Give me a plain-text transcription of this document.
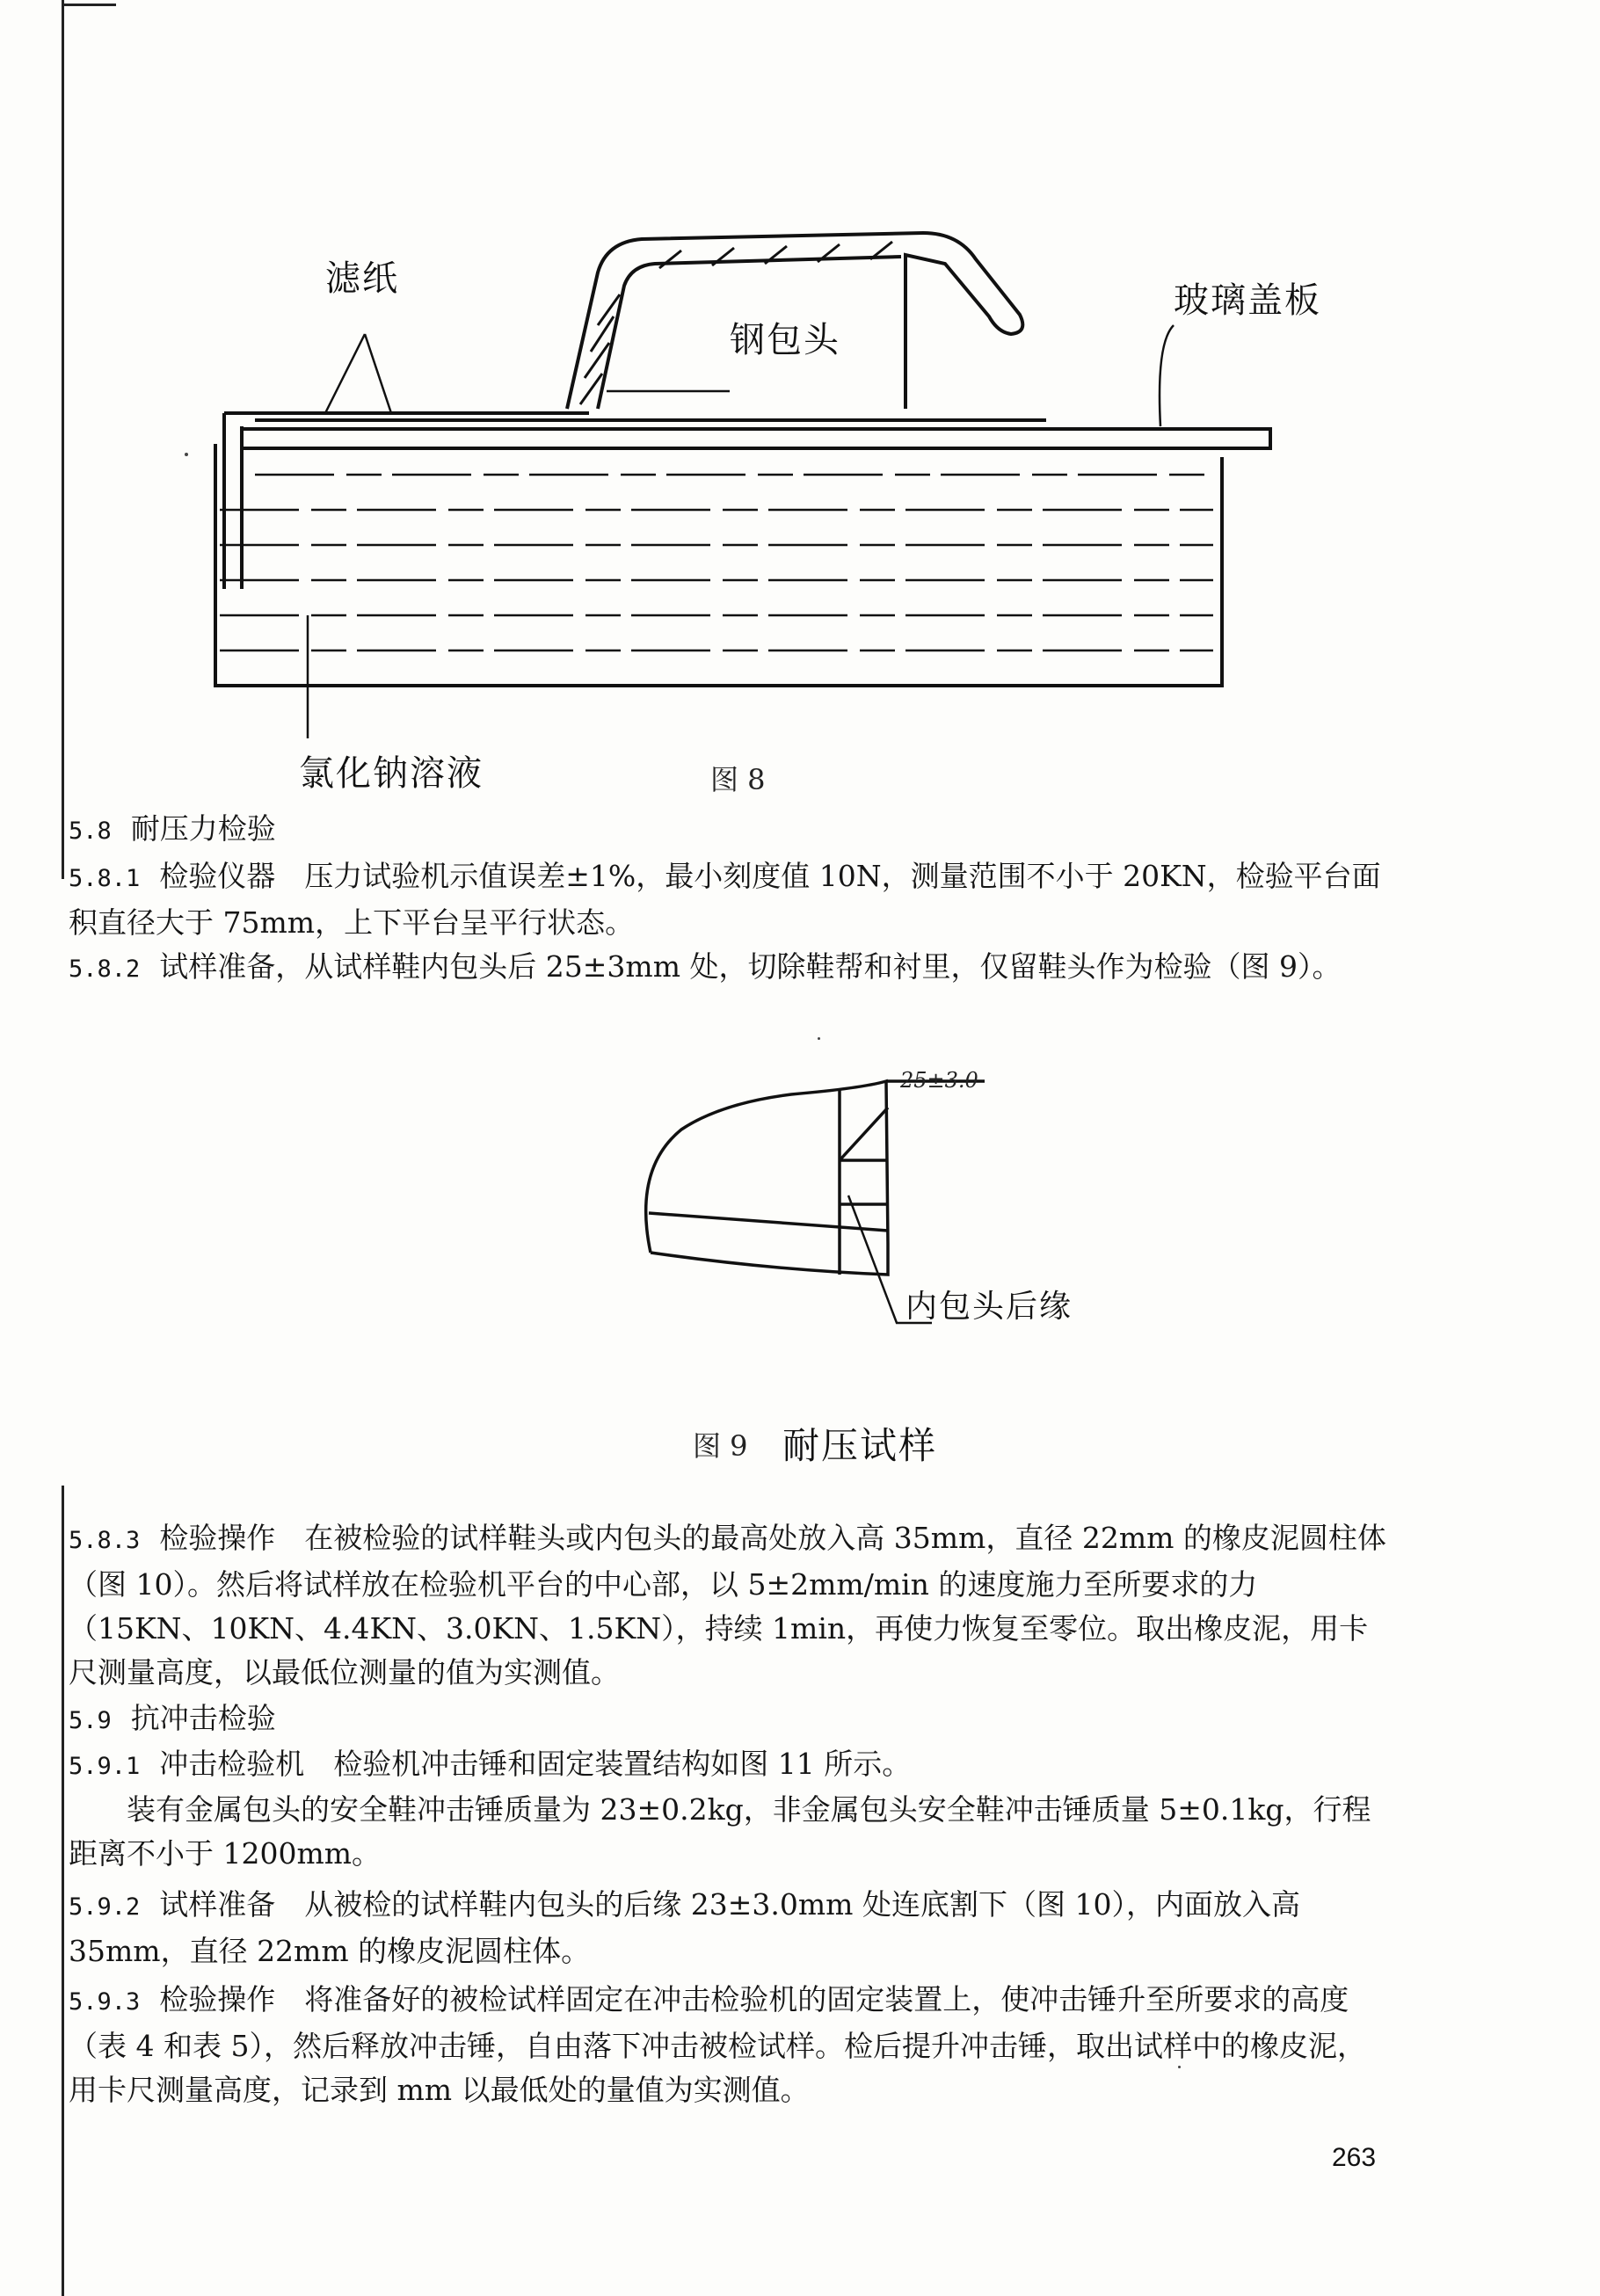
滤纸
钢包头
玻璃盖板
氯化钠溶液	图 8
25±3.0
内包头后缘
图 9 耐压试样
5.8 耐压力检验
5.8.1 检验仪器　压力试验机示值误差±1%，最小刻度值 10N，测量范围不小于 20KN，检验平台面积直径大于 75mm，上下平台呈平行状态。
5.8.2 试样准备，从试样鞋内包头后 25±3mm 处，切除鞋帮和衬里，仅留鞋头作为检验（图 9）。
5.8.3 检验操作　在被检验的试样鞋头或内包头的最高处放入高 35mm，直径 22mm 的橡皮泥圆柱体（图 10）。然后将试样放在检验机平台的中心部，以 5±2mm/min 的速度施力至所要求的力（15KN、10KN、4.4KN、3.0KN、1.5KN），持续 1min，再使力恢复至零位。取出橡皮泥，用卡尺测量高度，以最低位测量的值为实测值。
5.9 抗冲击检验
5.9.1 冲击检验机　检验机冲击锤和固定装置结构如图 11 所示。
装有金属包头的安全鞋冲击锤质量为 23±0.2kg，非金属包头安全鞋冲击锤质量 5±0.1kg，行程距离不小于 1200mm。
5.9.2 试样准备　从被检的试样鞋内包头的后缘 23±3.0mm 处连底割下（图 10），内面放入高 35mm，直径 22mm 的橡皮泥圆柱体。
5.9.3 检验操作　将准备好的被检试样固定在冲击检验机的固定装置上，使冲击锤升至所要求的高度（表 4 和表 5），然后释放冲击锤，自由落下冲击被检试样。检后提升冲击锤，取出试样中的橡皮泥，用卡尺测量高度，记录到 mm 以最低处的量值为实测值。
263
